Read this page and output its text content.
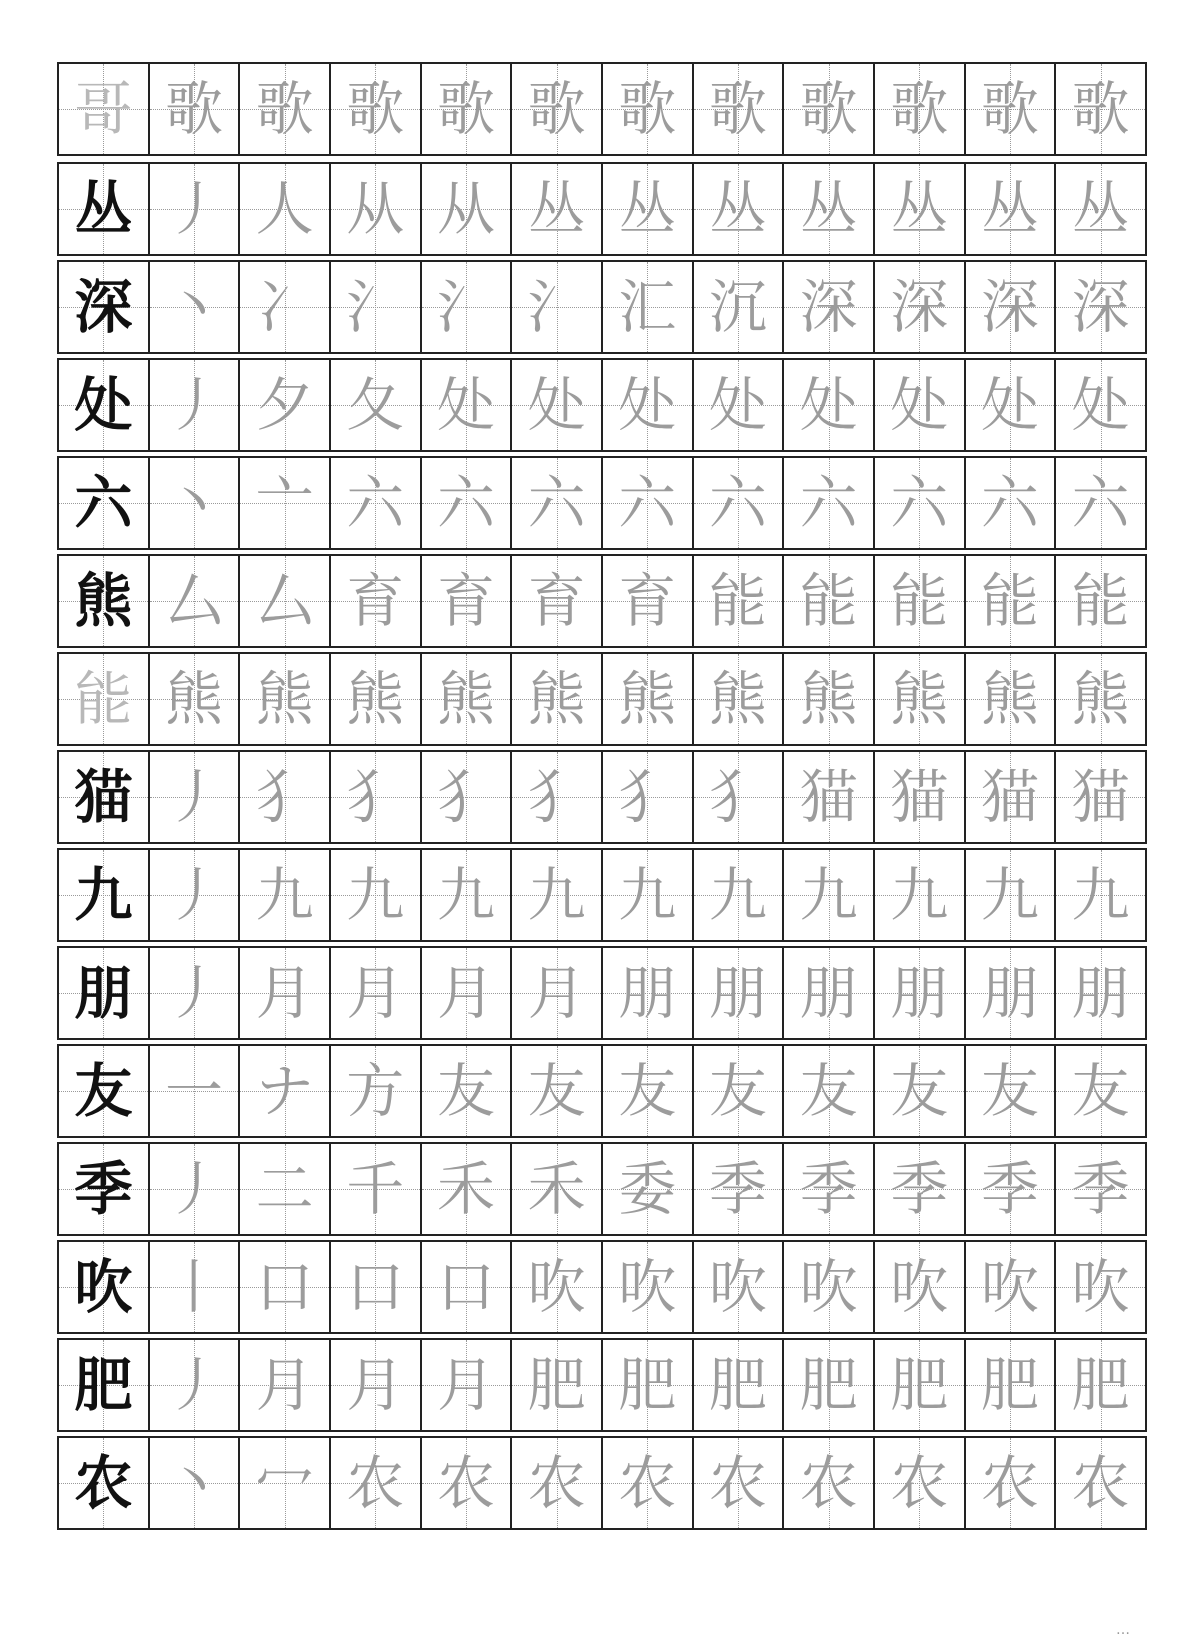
哥 歌 歌 歌 歌 歌 歌 歌 歌 歌 歌 歌
丛 丿 人 从 从 丛 丛 丛 丛 丛 丛 丛
深 丶 冫 氵 氵 氵 汇 沉 深 深 深 深
处 丿 夕 夂 处 处 处 处 处 处 处 处
六 丶 亠 六 六 六 六 六 六 六 六 六
熊 厶 厶 育 育 育 育 能 能 能 能 能
能 熊 熊 熊 熊 熊 熊 熊 熊 熊 熊 熊
猫 丿 犭 犭 犭 犭 犭 犭 猫 猫 猫 猫
九 丿 九 九 九 九 九 九 九 九 九 九
朋 丿 月 月 月 月 朋 朋 朋 朋 朋 朋
友 一 ナ 方 友 友 友 友 友 友 友 友
季 丿 二 千 禾 禾 委 季 季 季 季 季
吹 丨 口 口 口 吹 吹 吹 吹 吹 吹 吹
肥 丿 月 月 月 肥 肥 肥 肥 肥 肥 肥
农 丶 冖 农 农 农 农 农 农 农 农 农
…
